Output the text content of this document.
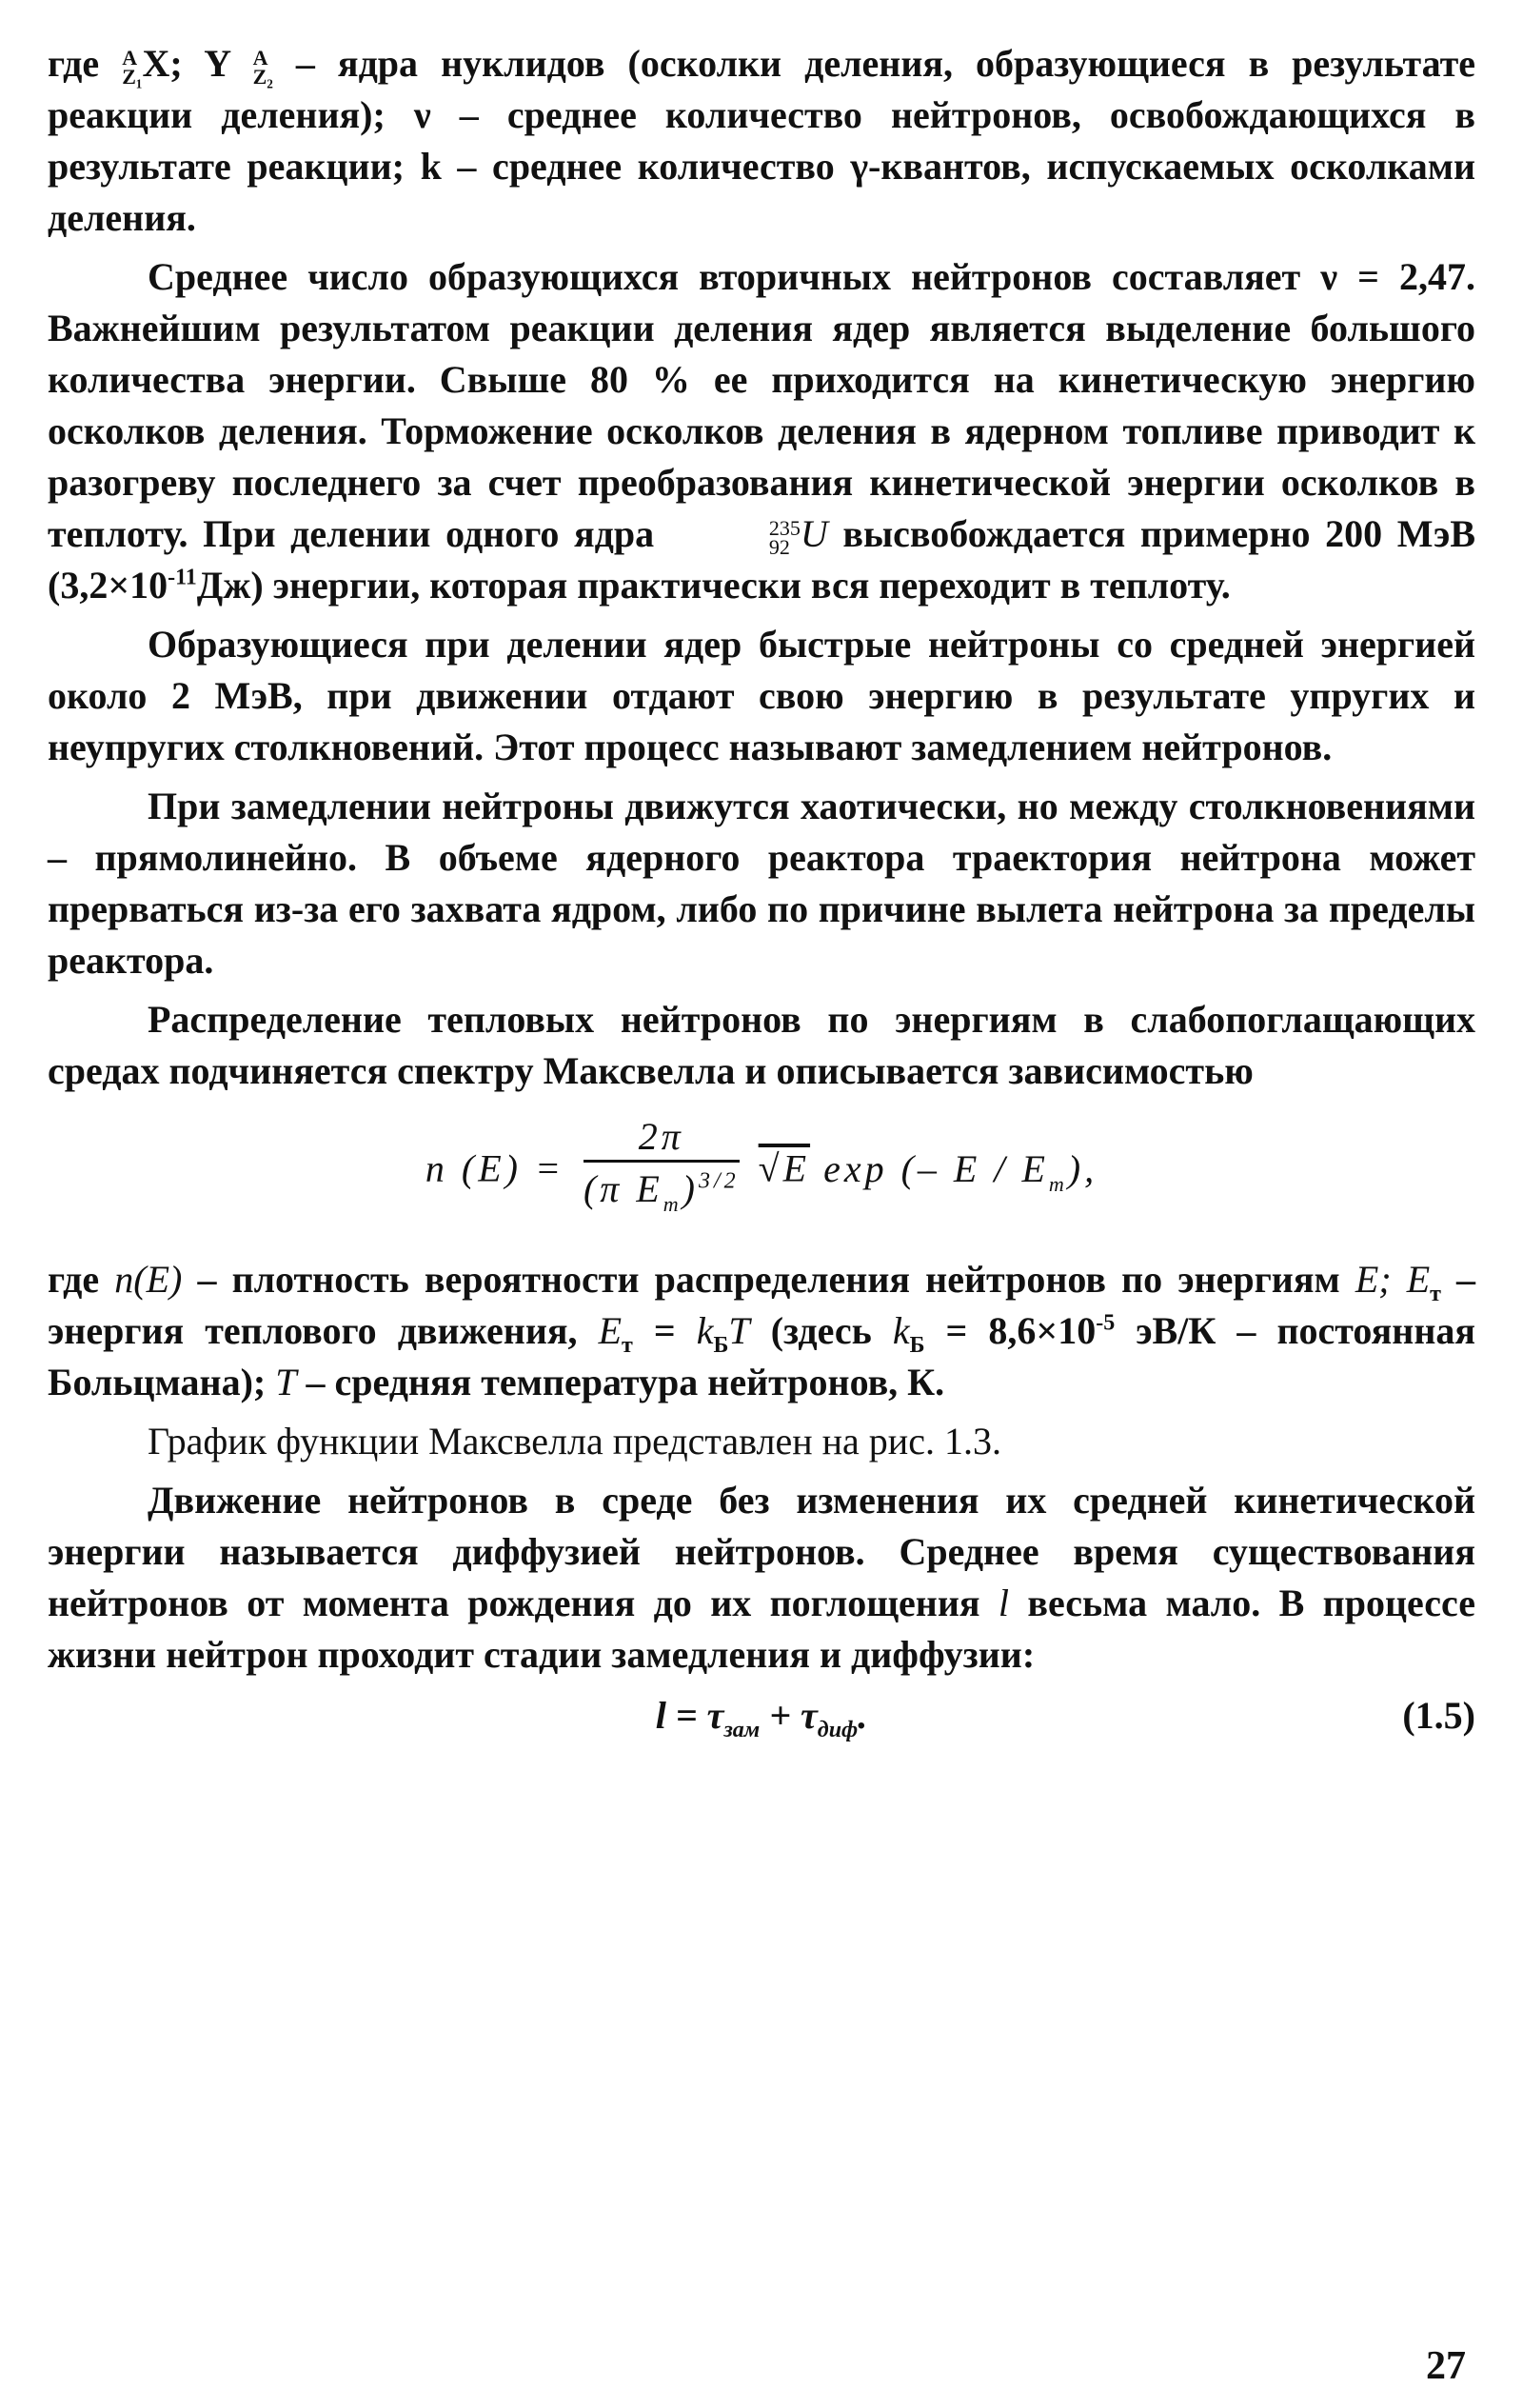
где A
Z₁ X; Y A
Z₂ – ядра нуклидов (осколки деления, образующиеся в результате реакции деления); ν – среднее количество нейтронов, освобождающихся в результате реакции; k – среднее количество γ-квантов, испускаемых осколками деления.

Среднее число образующихся вторичных нейтронов составляет ν = 2,47. Важнейшим результатом реакции деления ядер является выделение большого количества энергии. Свыше 80 % ее приходится на кинетическую энергию осколков деления. Торможение осколков деления в ядерном топливе приводит к разогреву последнего за счет преобразования кинетической энергии осколков в теплоту. При делении одного ядра	235
92 U высвобождается примерно 200 МэВ $(3,2\times 10^{-11}Дж)$ энергии, которая практически вся переходит в теплоту.

Образующиеся при делении ядер быстрые нейтроны со средней энергией около 2 МэВ, при движении отдают свою энергию в результате упругих и неупругих столкновений. Этот процесс называют замедлением нейтронов.

При замедлении нейтроны движутся хаотически, но между столкновениями – прямолинейно. В объеме ядерного реактора траектория нейтрона может прерваться из-за его захвата ядром, либо по причине вылета нейтрона за пределы реактора.

Распределение тепловых нейтронов по энергиям в слабопоглащающих средах подчиняется спектру Максвелла и описывается зависимостью

n $(E) = \frac{2\pi}{(\pi E_т)^{3/2}} √E$ exp (– E / $E_т$),

где n(E) – плотность вероятности распределения нейтронов по энергиям E; $E_т$ – энергия теплового движения, $E_т = k_БT$ (здесь $k_Б = 8,6\times 10^{-5}$ эВ/К – постоянная Больцмана); T – средняя температура нейтронов, К.

График функции Максвелла представлен на рис. 1.3.

Движение нейтронов в среде без изменения их средней кинетической энергии называется диффузией нейтронов. Среднее время существования нейтронов от момента рождения до их поглощения l весьма мало. В процессе жизни нейтрон проходит стадии замедления и диффузии:

$l = \tau_{зам} + \tau_{диф}$.	(1.5)
27
